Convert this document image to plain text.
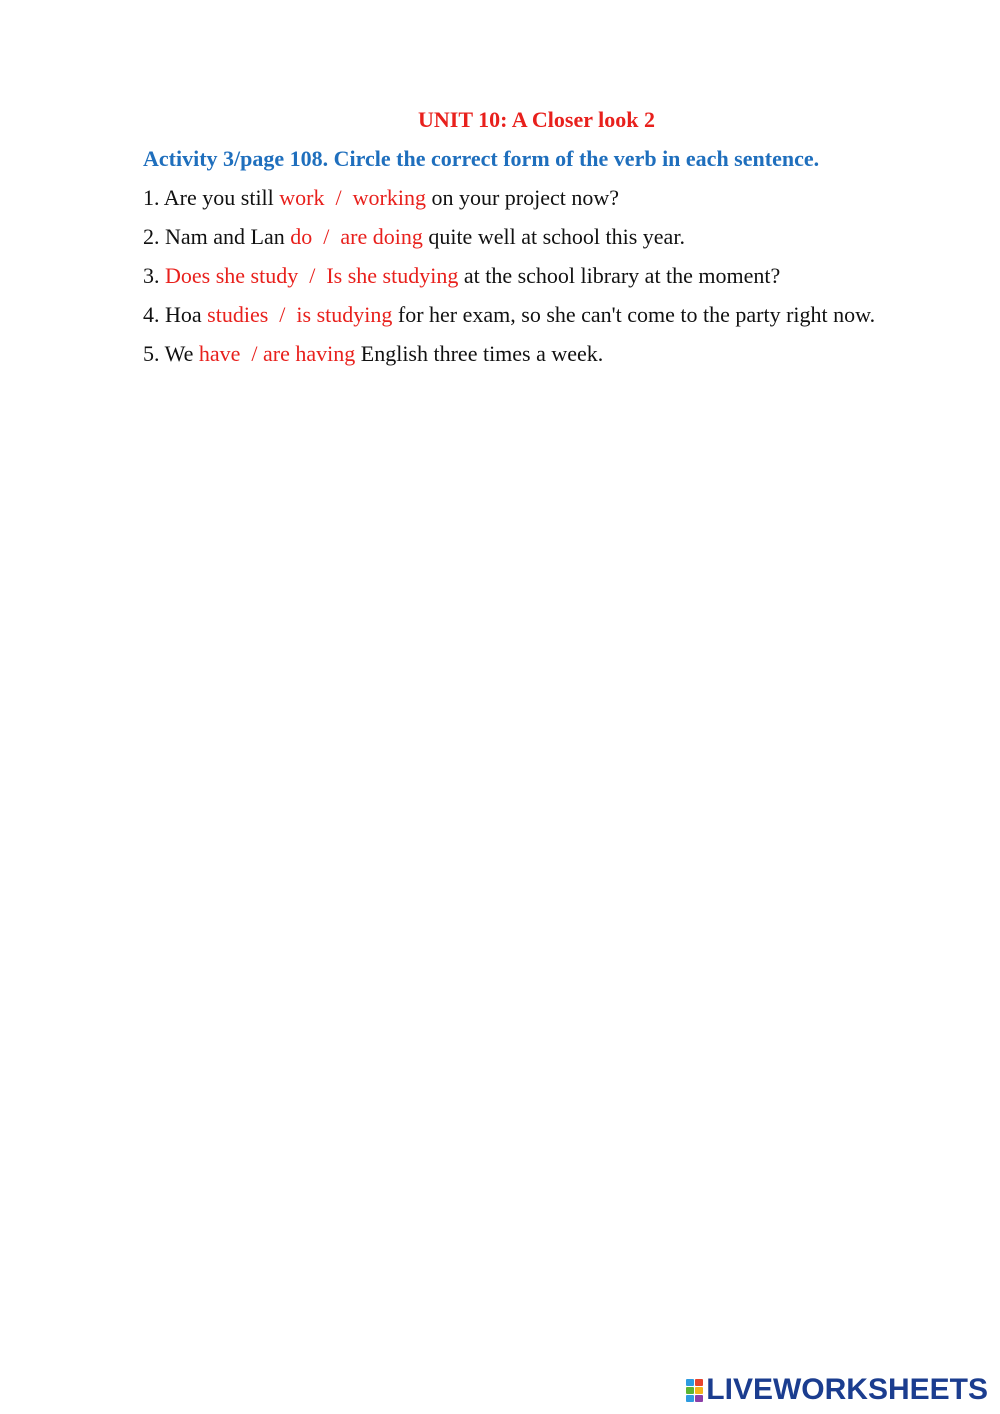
UNIT 10: A Closer look 2
Activity 3/page 108. Circle the correct form of the verb in each sentence.
1. Are you still work  /  working on your project now?
2. Nam and Lan do  /  are doing quite well at school this year.
3. Does she study  /  Is she studying at the school library at the moment?
4. Hoa studies  /  is studying for her exam, so she can't come to the party right now.
5. We have  / are having English three times a week.
LIVEWORKSHEETS
